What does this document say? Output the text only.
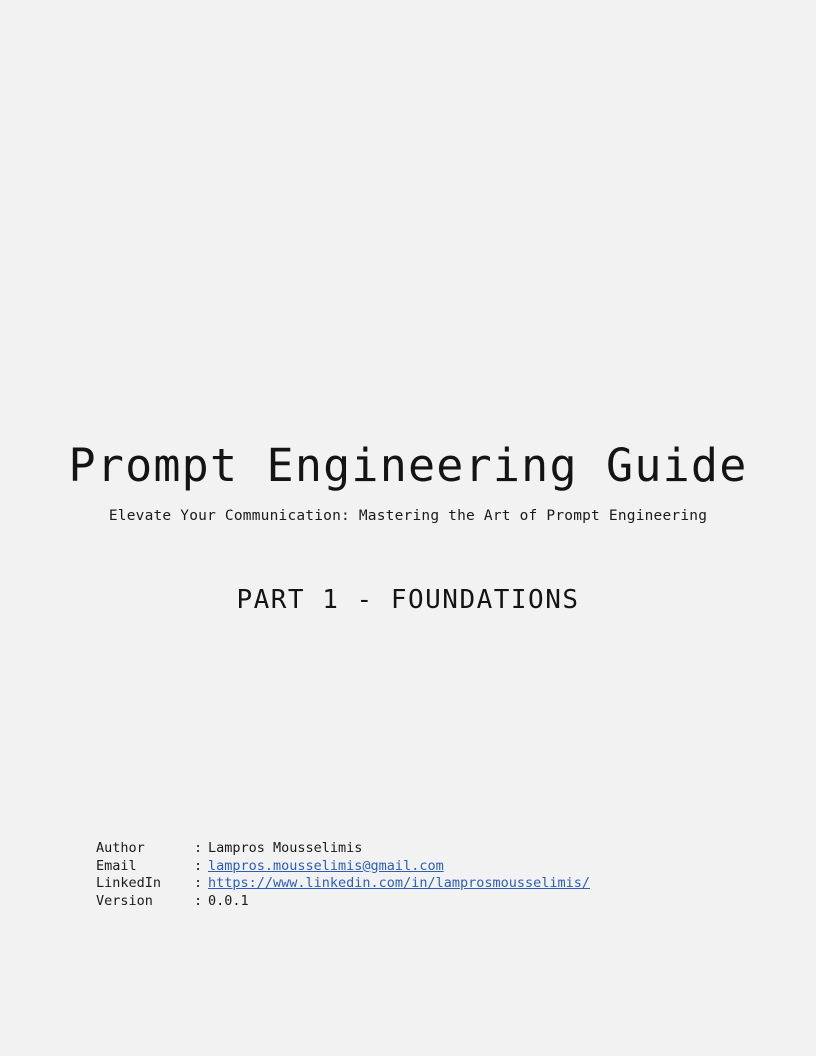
Prompt Engineering Guide

Elevate Your Communication: Mastering the Art of Prompt Engineering

PART 1 - FOUNDATIONS

Author	: Lampros Mousselimis
Email	: lampros.mousselimis@gmail.com
LinkedIn	: https://www.linkedin.com/in/lamprosmousselimis/
Version	: 0.0.1
